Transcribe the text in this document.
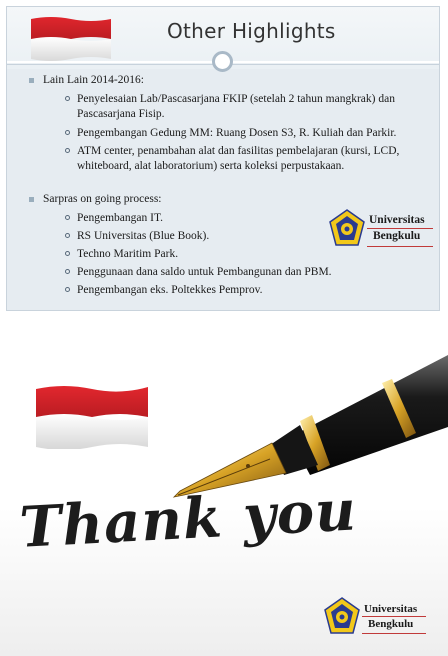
Other Highlights
Lain Lain 2014-2016:
Penyelesaian Lab/Pascasarjana FKIP (setelah 2 tahun mangkrak) dan
Pascasarjana Fisip.
Pengembangan Gedung MM: Ruang Dosen S3, R. Kuliah dan Parkir.
ATM center, penambahan alat dan fasilitas pembelajaran (kursi, LCD,
whiteboard, alat laboratorium) serta koleksi perpustakaan.
Sarpras on going process:
Pengembangan IT.
RS Universitas (Blue Book).
Techno Maritim Park.
Penggunaan dana saldo untuk Pembangunan dan PBM.
Pengembangan eks. Poltekkes Pemprov.
Universitas
Bengkulu
Thank you
Universitas
Bengkulu
